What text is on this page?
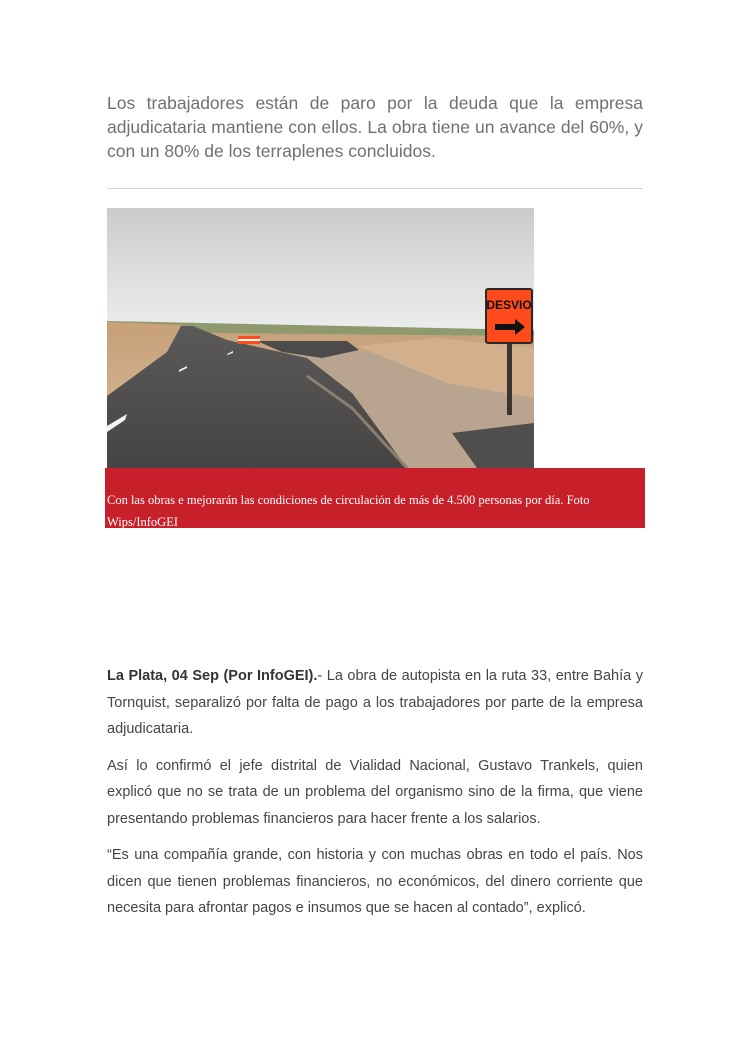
Los trabajadores están de paro por la deuda que la empresa adjudicataria mantiene con ellos. La obra tiene un avance del 60%, y con un 80% de los terraplenes concluidos.

DESVIO

Con las obras e mejorarán las condiciones de circulación de más de 4.500 personas por día. Foto Wips/InfoGEI

La Plata, 04 Sep (Por InfoGEI).- La obra de autopista en la ruta 33, entre Bahía y Tornquist, separalizó por falta de pago a los trabajadores por parte de la empresa adjudicataria.

Así lo confirmó el jefe distrital de Vialidad Nacional, Gustavo Trankels, quien explicó que no se trata de un problema del organismo sino de la firma, que viene presentando problemas financieros para hacer frente a los salarios.

“Es una compañía grande, con historia y con muchas obras en todo el país. Nos dicen que tienen problemas financieros, no económicos, del dinero corriente que necesita para afrontar pagos e insumos que se hacen al contado”, explicó.
